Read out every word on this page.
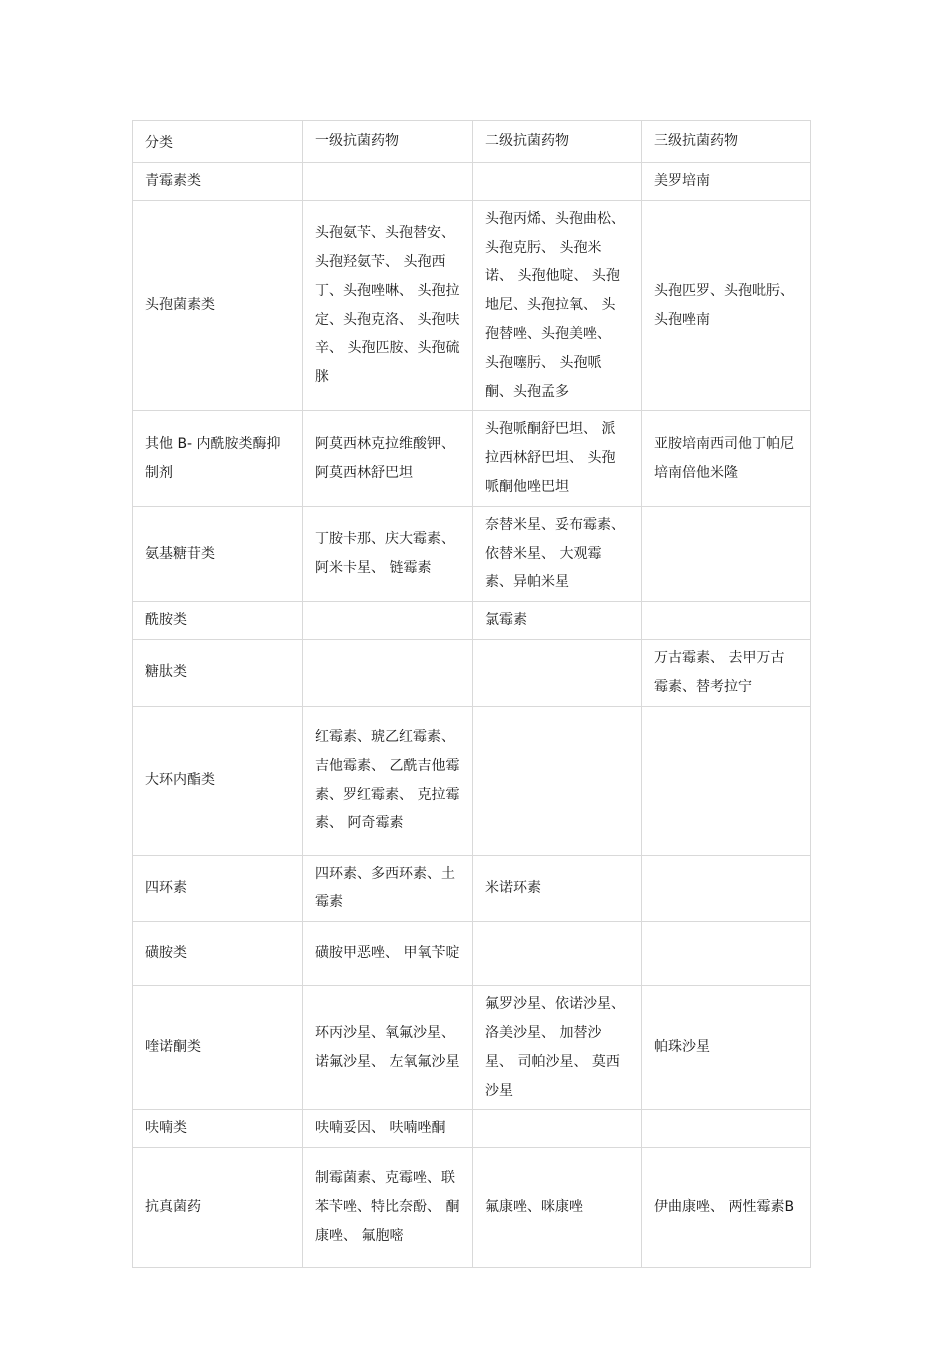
分类	一级抗菌药物	二级抗菌药物	三级抗菌药物
青霉素类			美罗培南
头孢菌素类	头孢氨苄、头孢替安、 头孢羟氨苄、 头孢西丁、头孢唑啉、 头孢拉定、头孢克洛、 头孢呋辛、 头孢匹胺、头孢硫脒	头孢丙烯、头孢曲松、 头孢克肟、 头孢米诺、 头孢他啶、 头孢地尼、头孢拉氧、 头孢替唑、头孢美唑、 头孢噻肟、 头孢哌酮、头孢孟多	头孢匹罗、头孢吡肟、头孢唑南
其他 B- 内酰胺类酶抑制剂	阿莫西林克拉维酸钾、阿莫西林舒巴坦	头孢哌酮舒巴坦、 派拉西林舒巴坦、 头孢哌酮他唑巴坦	亚胺培南西司他丁帕尼培南倍他米隆
氨基糖苷类	丁胺卡那、庆大霉素、 阿米卡星、 链霉素	奈替米星、妥布霉素、 依替米星、 大观霉素、异帕米星	
酰胺类		氯霉素	
糖肽类			万古霉素、 去甲万古霉素、替考拉宁
大环内酯类	红霉素、琥乙红霉素、 吉他霉素、 乙酰吉他霉素、罗红霉素、 克拉霉素、 阿奇霉素		
四环素	四环素、多西环素、土霉素	米诺环素	
磺胺类	磺胺甲恶唑、 甲氧苄啶		
喹诺酮类	环丙沙星、氧氟沙星、 诺氟沙星、 左氧氟沙星	氟罗沙星、依诺沙星、洛美沙星、 加替沙星、 司帕沙星、 莫西沙星	帕珠沙星
呋喃类	呋喃妥因、 呋喃唑酮		
抗真菌药	制霉菌素、克霉唑、联苯苄唑、特比奈酚、 酮康唑、 氟胞嘧	氟康唑、咪康唑	伊曲康唑、 两性霉素B
